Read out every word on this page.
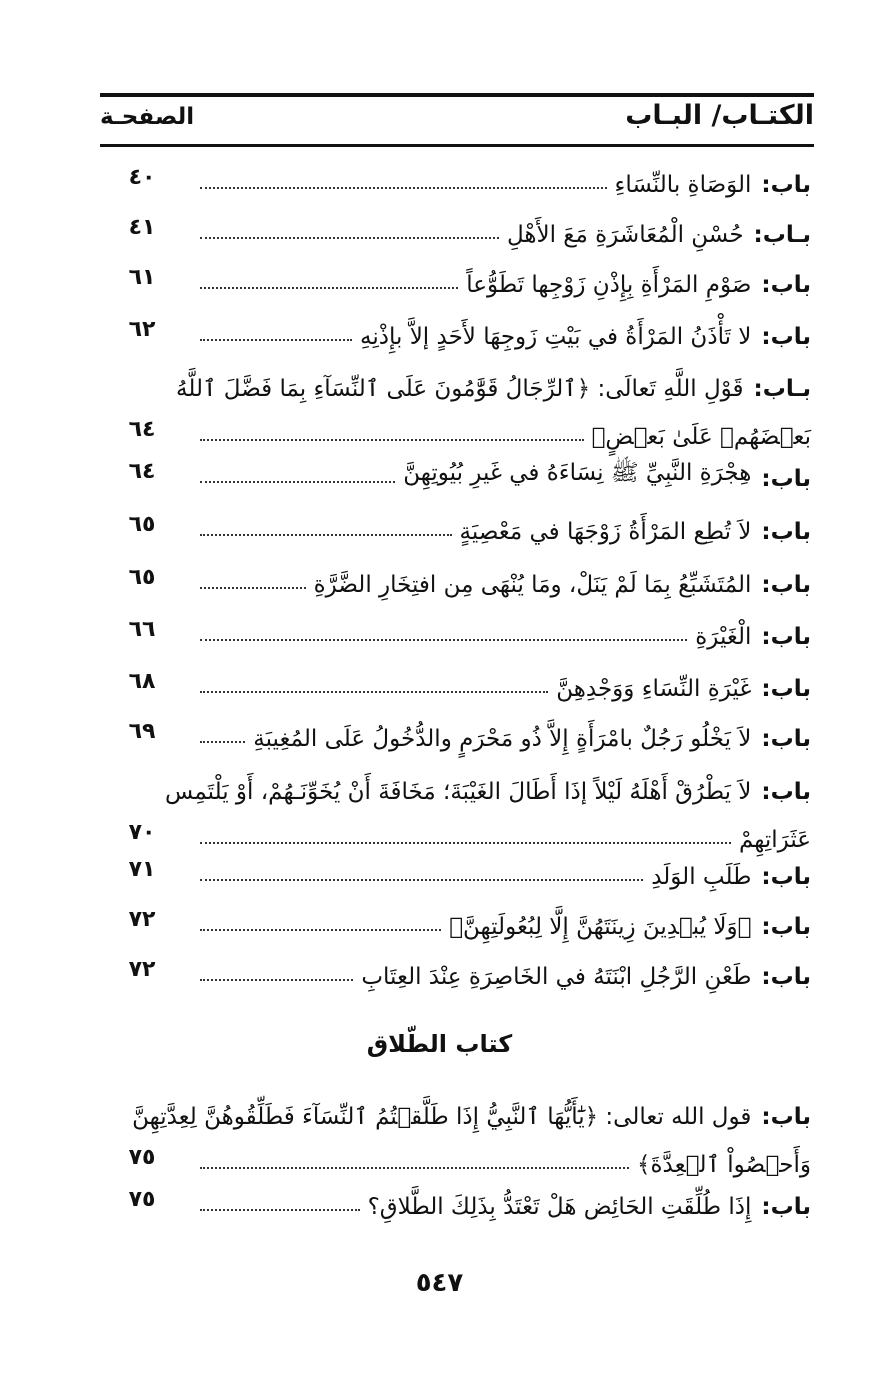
الكتـاب/ البـاب
الصفحـة
باب:
الوَصَاةِ بالنِّسَاءِ
٤٠
بـاب:
حُسْنِ الْمُعَاشَرَةِ مَعَ الأَهْلِ
٤١
باب:
صَوْمِ المَرْأَةِ بِإِذْنِ زَوْجِها تَطَوُّعاً
٦١
باب:
لا تَأْذَنُ المَرْأَةُ في بَيْتِ زَوجِهَا لأَحَدٍ إلاَّ بإِذْنِهِ
٦٢
بـاب:
قَوْلِ اللَّهِ تَعالَى: ﴿ٱلرِّجَالُ قَوَّٰمُونَ عَلَى ٱلنِّسَآءِ بِمَا فَضَّلَ ٱللَّهُ
بَعۡضَهُمۡ عَلَىٰ بَعۡضٍ﴾
٦٤
باب:
هِجْرَةِ النَّبِيِّ ﷺ نِسَاءَهُ في غَيرِ بُيُوتِهِنَّ
٦٤
باب:
لاَ تُطِع المَرْأَةُ زَوْجَهَا في مَعْصِيَةٍ
٦٥
باب:
المُتَشَبِّعُ بِمَا لَمْ يَنَلْ، ومَا يُنْهَى مِن افتِخَارِ الضَّرَّةِ
٦٥
باب:
الْغَيْرَةِ
٦٦
باب:
غَيْرَةِ النِّسَاءِ وَوَجْدِهِنَّ
٦٨
باب:
لاَ يَخْلُو رَجُلٌ بامْرَأَةٍ إِلاَّ ذُو مَحْرَمٍ والدُّخُولُ عَلَى المُغِيبَةِ
٦٩
باب:
لاَ يَطْرُقْ أَهْلَهُ لَيْلاً إذَا أَطَالَ الغَيْبَةَ؛ مَخَافَةَ أَنْ يُخَوِّنَـهُمْ، أَوْ يَلْتَمِس
عَثَرَاتِهِمْ
٧٠
باب:
طَلَبِ الوَلَدِ
٧١
باب:
﴿وَلَا يُبۡدِينَ زِينَتَهُنَّ إِلَّا لِبُعُولَتِهِنَّ﴾
٧٢
باب:
طَعْنِ الرَّجُلِ ابْنَتَهُ في الخَاصِرَةِ عِنْدَ العِتَابِ
٧٢
كتاب الطّلاق
باب:
قول الله تعالى: ﴿يَٰٓأَيُّهَا ٱلنَّبِيُّ إِذَا طَلَّقۡتُمُ ٱلنِّسَآءَ فَطَلِّقُوهُنَّ لِعِدَّتِهِنَّ
وَأَحۡصُواْ ٱلۡعِدَّةَ﴾
٧٥
باب:
إِذَا طُلِّقَتِ الحَائِض هَلْ تَعْتَدُّ بِذَلِكَ الطَّلاقِ؟
٧٥
٥٤٧
